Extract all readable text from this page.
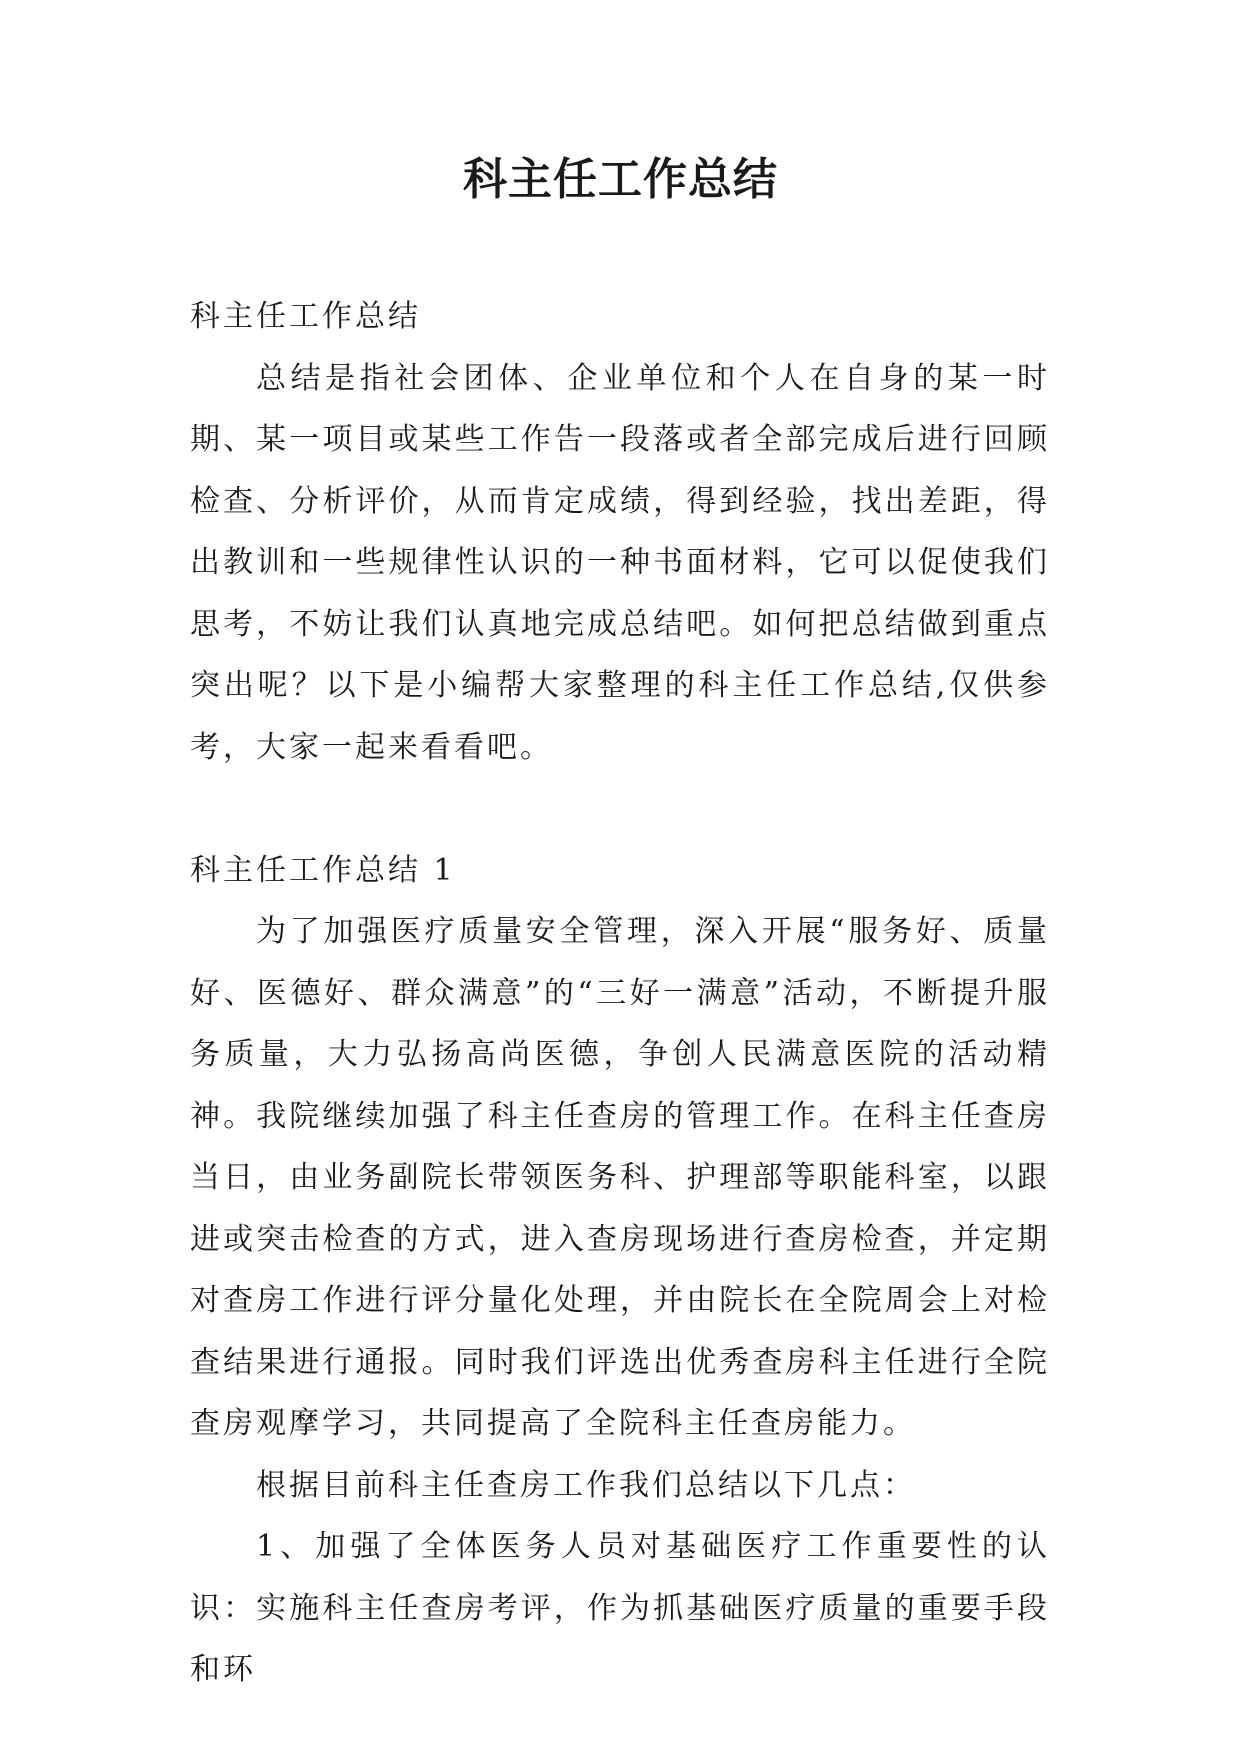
科主任工作总结

科主任工作总结

总结是指社会团体、企业单位和个人在自身的某一时期、某一项目或某些工作告一段落或者全部完成后进行回顾检查、分析评价，从而肯定成绩，得到经验，找出差距，得出教训和一些规律性认识的一种书面材料，它可以促使我们思考，不妨让我们认真地完成总结吧。如何把总结做到重点突出呢？以下是小编帮大家整理的科主任工作总结,仅供参考，大家一起来看看吧。

科主任工作总结 1

为了加强医疗质量安全管理，深入开展“服务好、质量好、医德好、群众满意”的“三好一满意”活动，不断提升服务质量，大力弘扬高尚医德，争创人民满意医院的活动精神。我院继续加强了科主任查房的管理工作。在科主任查房当日，由业务副院长带领医务科、护理部等职能科室，以跟进或突击检查的方式，进入查房现场进行查房检查，并定期对查房工作进行评分量化处理，并由院长在全院周会上对检查结果进行通报。同时我们评选出优秀查房科主任进行全院查房观摩学习，共同提高了全院科主任查房能力。

根据目前科主任查房工作我们总结以下几点：

1、加强了全体医务人员对基础医疗工作重要性的认识：实施科主任查房考评，作为抓基础医疗质量的重要手段和环
